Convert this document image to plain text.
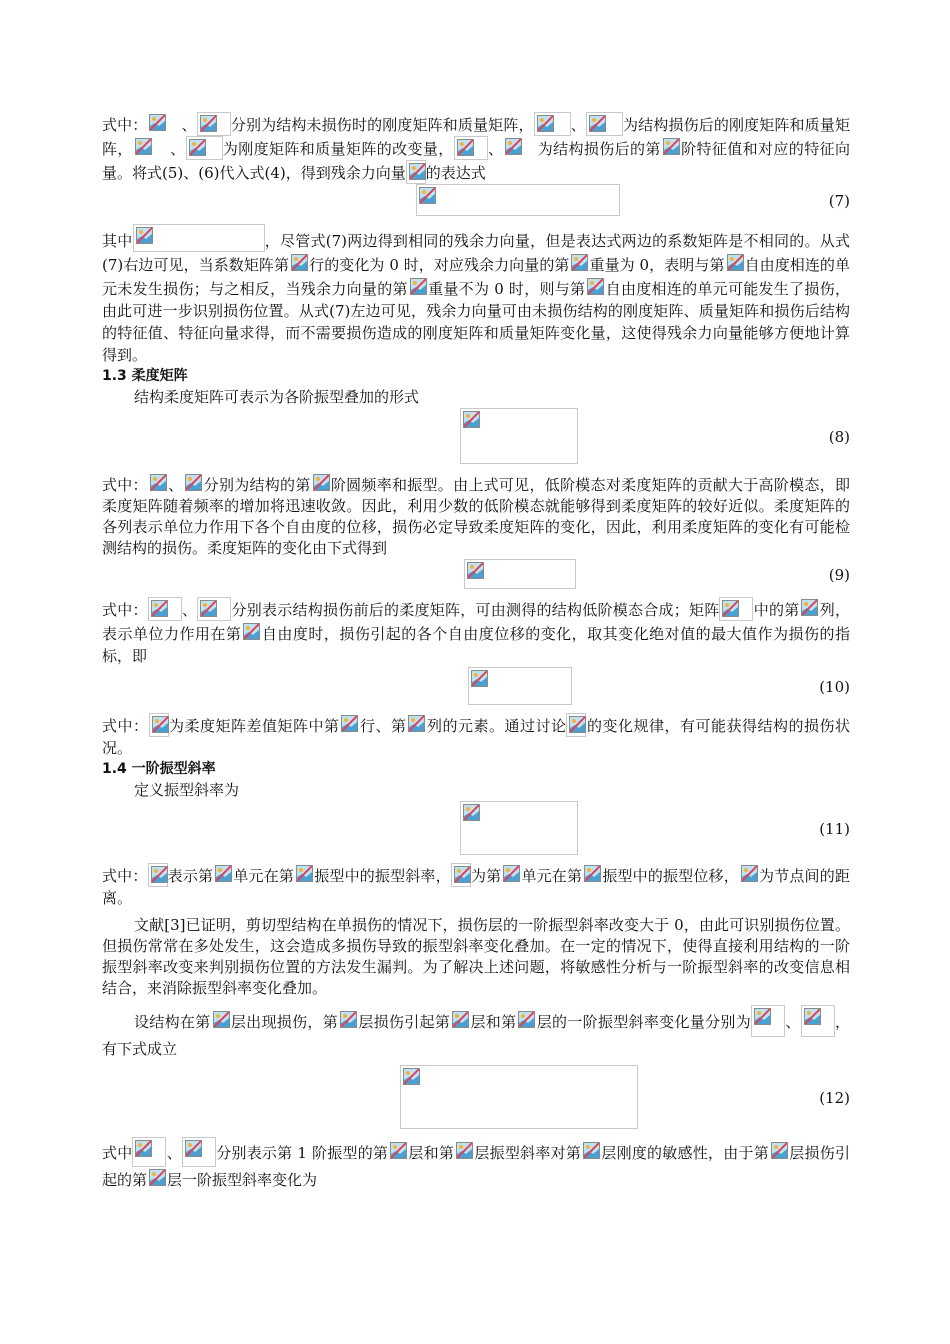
式中： 、 分别为结构未损伤时的刚度矩阵和质量矩阵， 、 为结构损伤后的刚度矩阵和质量矩阵， 、 为刚度矩阵和质量矩阵的改变量， 、 为结构损伤后的第 阶特征值和对应的特征向量。将式(5)、(6)代入式(4)，得到残余力向量 的表达式

(7)

其中	，尽管式(7)两边得到相同的残余力向量，但是表达式两边的系数矩阵是不相同的。从式(7)右边可见，当系数矩阵第 行的变化为 0 时，对应残余力向量的第 重量为 0，表明与第 自由度相连的单元未发生损伤；与之相反，当残余力向量的第 重量不为 0 时，则与第 自由度相连的单元可能发生了损伤，由此可进一步识别损伤位置。从式(7)左边可见，残余力向量可由未损伤结构的刚度矩阵、质量矩阵和损伤后结构的特征值、特征向量求得，而不需要损伤造成的刚度矩阵和质量矩阵变化量，这使得残余力向量能够方便地计算得到。

1.3 柔度矩阵

结构柔度矩阵可表示为各阶振型叠加的形式

(8)

式中： 、 分别为结构的第 阶圆频率和振型。由上式可见，低阶模态对柔度矩阵的贡献大于高阶模态，即柔度矩阵随着频率的增加将迅速收敛。因此，利用少数的低阶模态就能够得到柔度矩阵的较好近似。柔度矩阵的各列表示单位力作用下各个自由度的位移，损伤必定导致柔度矩阵的变化，因此，利用柔度矩阵的变化有可能检测结构的损伤。柔度矩阵的变化由下式得到

(9)

式中： 、 分别表示结构损伤前后的柔度矩阵，可由测得的结构低阶模态合成；矩阵 中的第 列，表示单位力作用在第 自由度时，损伤引起的各个自由度位移的变化，取其变化绝对值的最大值作为损伤的指标，即

(10)

式中： 为柔度矩阵差值矩阵中第 行、第 列的元素。通过讨论 的变化规律，有可能获得结构的损伤状况。

1.4 一阶振型斜率

定义振型斜率为

(11)

式中： 表示第 单元在第 振型中的振型斜率， 为第 单元在第 振型中的振型位移， 为节点间的距离。

文献[3]已证明，剪切型结构在单损伤的情况下，损伤层的一阶振型斜率改变大于 0，由此可识别损伤位置。但损伤常常在多处发生，这会造成多损伤导致的振型斜率变化叠加。在一定的情况下，使得直接利用结构的一阶振型斜率改变来判别损伤位置的方法发生漏判。为了解决上述问题，将敏感性分析与一阶振型斜率的改变信息相结合，来消除振型斜率变化叠加。

设结构在第 层出现损伤，第 层损伤引起第 层和第 层的一阶振型斜率变化量分别为 、 ，有下式成立

(12)

式中 、 分别表示第 1 阶振型的第 层和第 层振型斜率对第 层刚度的敏感性，由于第 层损伤引起的第 层一阶振型斜率变化为
